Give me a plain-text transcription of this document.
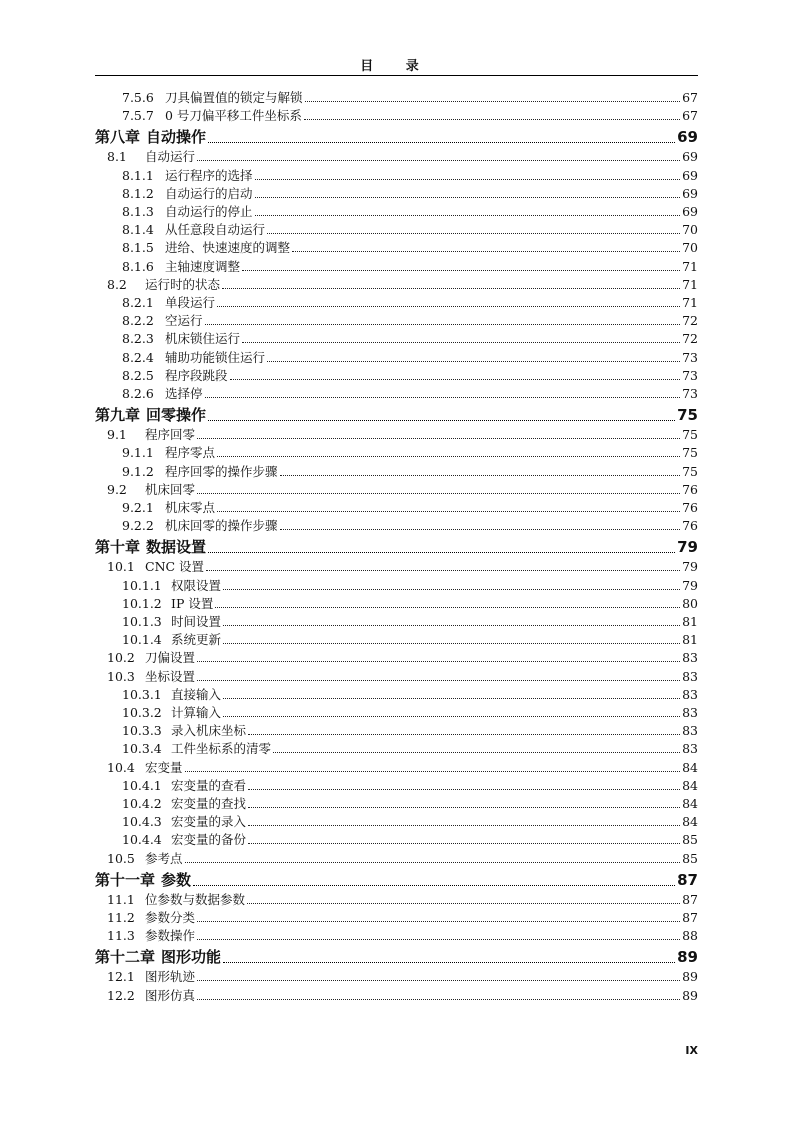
目 录
7.5.6 刀具偏置值的锁定与解锁	67
7.5.7 0 号刀偏平移工件坐标系	67
第八章 自动操作	69
8.1	自动运行	69
8.1.1 运行程序的选择	69
8.1.2 自动运行的启动	69
8.1.3 自动运行的停止	69
8.1.4 从任意段自动运行	70
8.1.5 进给、快速速度的调整	70
8.1.6 主轴速度调整	71
8.2	运行时的状态	71
8.2.1 单段运行	71
8.2.2 空运行	72
8.2.3 机床锁住运行	72
8.2.4 辅助功能锁住运行	73
8.2.5 程序段跳段	73
8.2.6 选择停	73
第九章 回零操作	75
9.1	程序回零	75
9.1.1 程序零点	75
9.1.2 程序回零的操作步骤	75
9.2	机床回零	76
9.2.1 机床零点	76
9.2.2 机床回零的操作步骤	76
第十章 数据设置	79
10.1 CNC 设置	79
10.1.1 权限设置	79
10.1.2 IP 设置	80
10.1.3 时间设置	81
10.1.4 系统更新	81
10.2 刀偏设置	83
10.3 坐标设置	83
10.3.1 直接输入	83
10.3.2 计算输入	83
10.3.3 录入机床坐标	83
10.3.4 工件坐标系的清零	83
10.4 宏变量	84
10.4.1 宏变量的查看	84
10.4.2 宏变量的查找	84
10.4.3 宏变量的录入	84
10.4.4 宏变量的备份	85
10.5 参考点	85
第十一章 参数	87
11.1 位参数与数据参数	87
11.2 参数分类	87
11.3 参数操作	88
第十二章 图形功能	89
12.1 图形轨迹	89
12.2 图形仿真	89
IX
